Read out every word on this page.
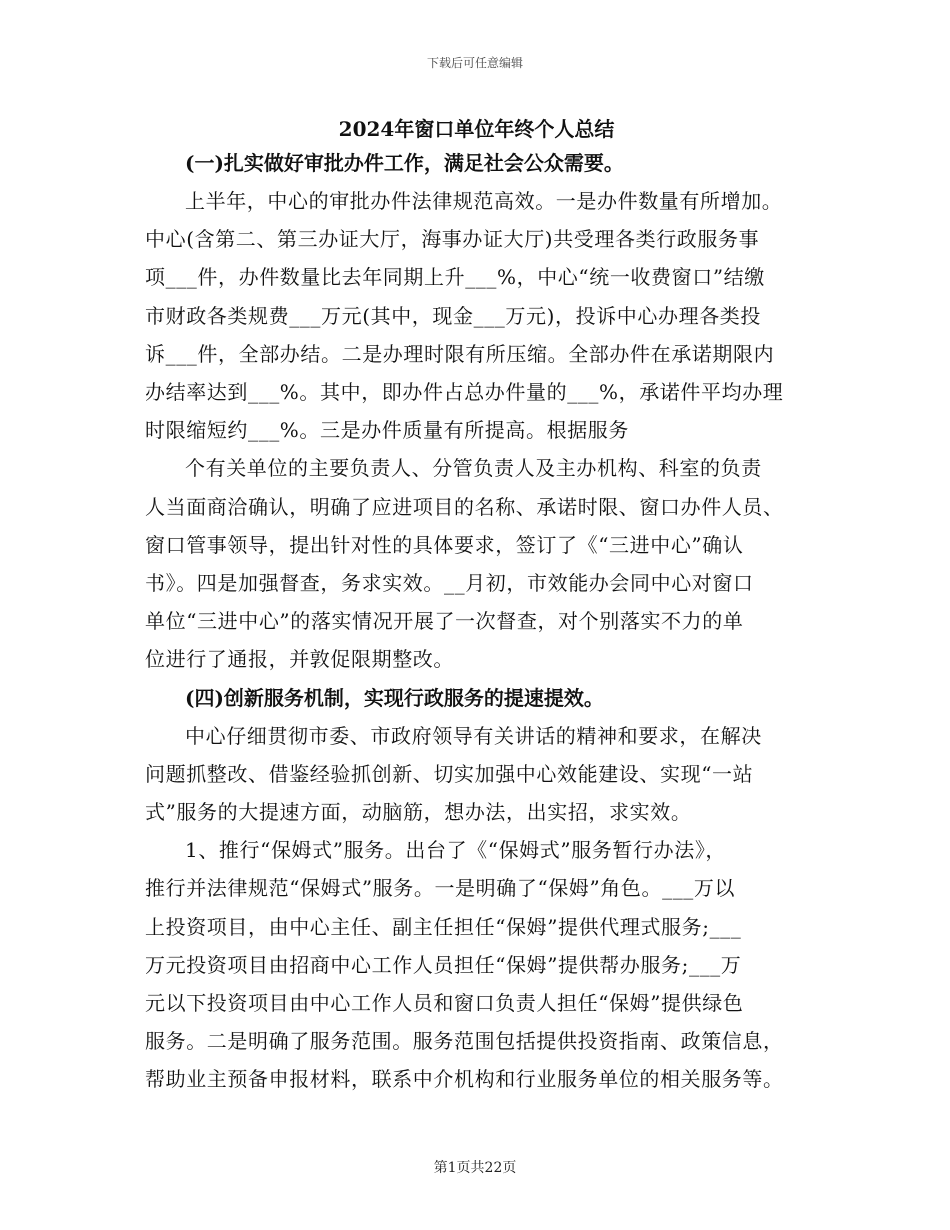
下载后可任意编辑
2024年窗口单位年终个人总结

(一)扎实做好审批办件工作，满足社会公众需要。

上半年，中心的审批办件法律规范高效。一是办件数量有所增加。
中心(含第二、第三办证大厅，海事办证大厅)共受理各类行政服务事
项___件，办件数量比去年同期上升___%，中心“统一收费窗口”结缴
市财政各类规费___万元(其中，现金___万元)，投诉中心办理各类投
诉___件，全部办结。二是办理时限有所压缩。全部办件在承诺期限内
办结率达到___%。其中，即办件占总办件量的___%，承诺件平均办理
时限缩短约___%。三是办件质量有所提高。根据服务

个有关单位的主要负责人、分管负责人及主办机构、科室的负责
人当面商洽确认，明确了应进项目的名称、承诺时限、窗口办件人员、
窗口管事领导，提出针对性的具体要求，签订了《“三进中心”确认
书》。四是加强督查，务求实效。__月初，市效能办会同中心对窗口
单位“三进中心”的落实情况开展了一次督查，对个别落实不力的单
位进行了通报，并敦促限期整改。

(四)创新服务机制，实现行政服务的提速提效。

中心仔细贯彻市委、市政府领导有关讲话的精神和要求，在解决
问题抓整改、借鉴经验抓创新、切实加强中心效能建设、实现“一站
式”服务的大提速方面，动脑筋，想办法，出实招，求实效。

1、推行“保姆式”服务。出台了《“保姆式”服务暂行办法》，
推行并法律规范“保姆式”服务。一是明确了“保姆”角色。___万以
上投资项目，由中心主任、副主任担任“保姆”提供代理式服务;___
万元投资项目由招商中心工作人员担任“保姆”提供帮办服务;___万
元以下投资项目由中心工作人员和窗口负责人担任“保姆”提供绿色
服务。二是明确了服务范围。服务范围包括提供投资指南、政策信息，
帮助业主预备申报材料，联系中介机构和行业服务单位的相关服务等。

第1页共22页
